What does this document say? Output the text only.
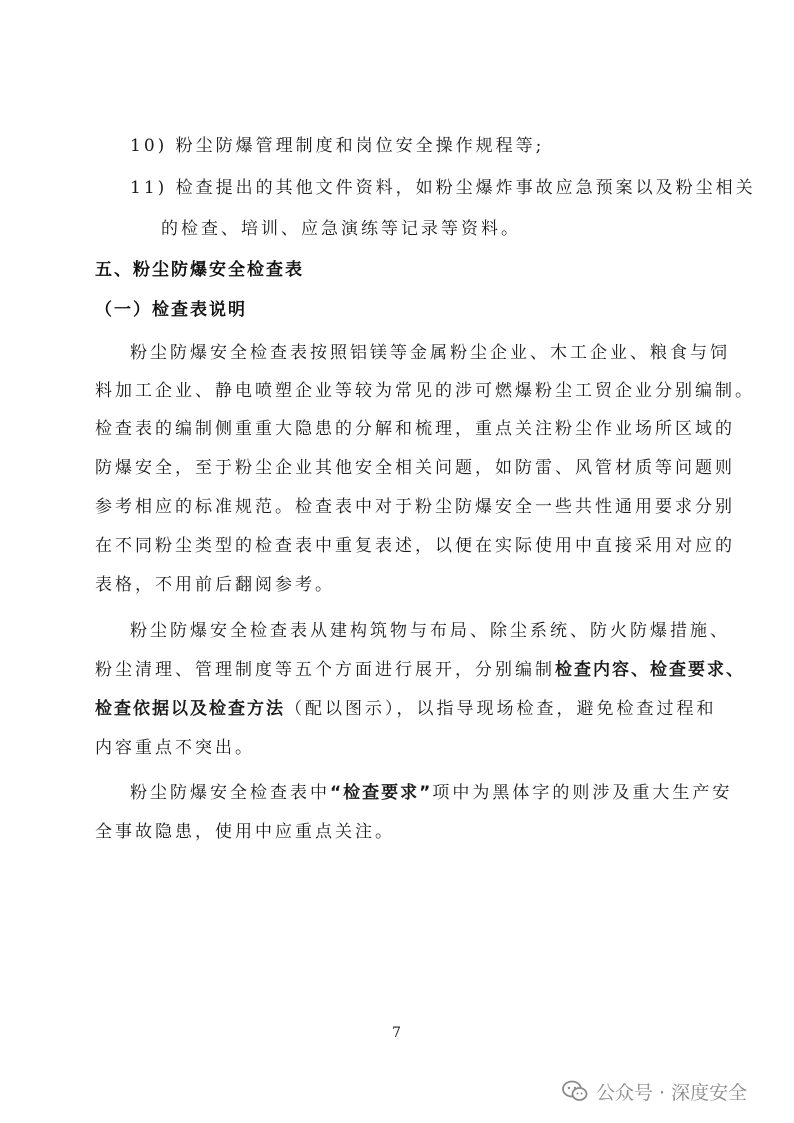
10) 粉尘防爆管理制度和岗位安全操作规程等;
11) 检查提出的其他文件资料，如粉尘爆炸事故应急预案以及粉尘相关
的检查、培训、应急演练等记录等资料。
五、粉尘防爆安全检查表
（一）检查表说明
粉尘防爆安全检查表按照铝镁等金属粉尘企业、木工企业、粮食与饲
料加工企业、静电喷塑企业等较为常见的涉可燃爆粉尘工贸企业分别编制。
检查表的编制侧重重大隐患的分解和梳理，重点关注粉尘作业场所区域的
防爆安全，至于粉尘企业其他安全相关问题，如防雷、风管材质等问题则
参考相应的标准规范。检查表中对于粉尘防爆安全一些共性通用要求分别
在不同粉尘类型的检查表中重复表述，以便在实际使用中直接采用对应的
表格，不用前后翻阅参考。
粉尘防爆安全检查表从建构筑物与布局、除尘系统、防火防爆措施、
粉尘清理、管理制度等五个方面进行展开，分别编制检查内容、检查要求、
检查依据以及检查方法（配以图示），以指导现场检查，避免检查过程和
内容重点不突出。
粉尘防爆安全检查表中“检查要求”项中为黑体字的则涉及重大生产安
全事故隐患，使用中应重点关注。
7
公众号 · 深度安全
